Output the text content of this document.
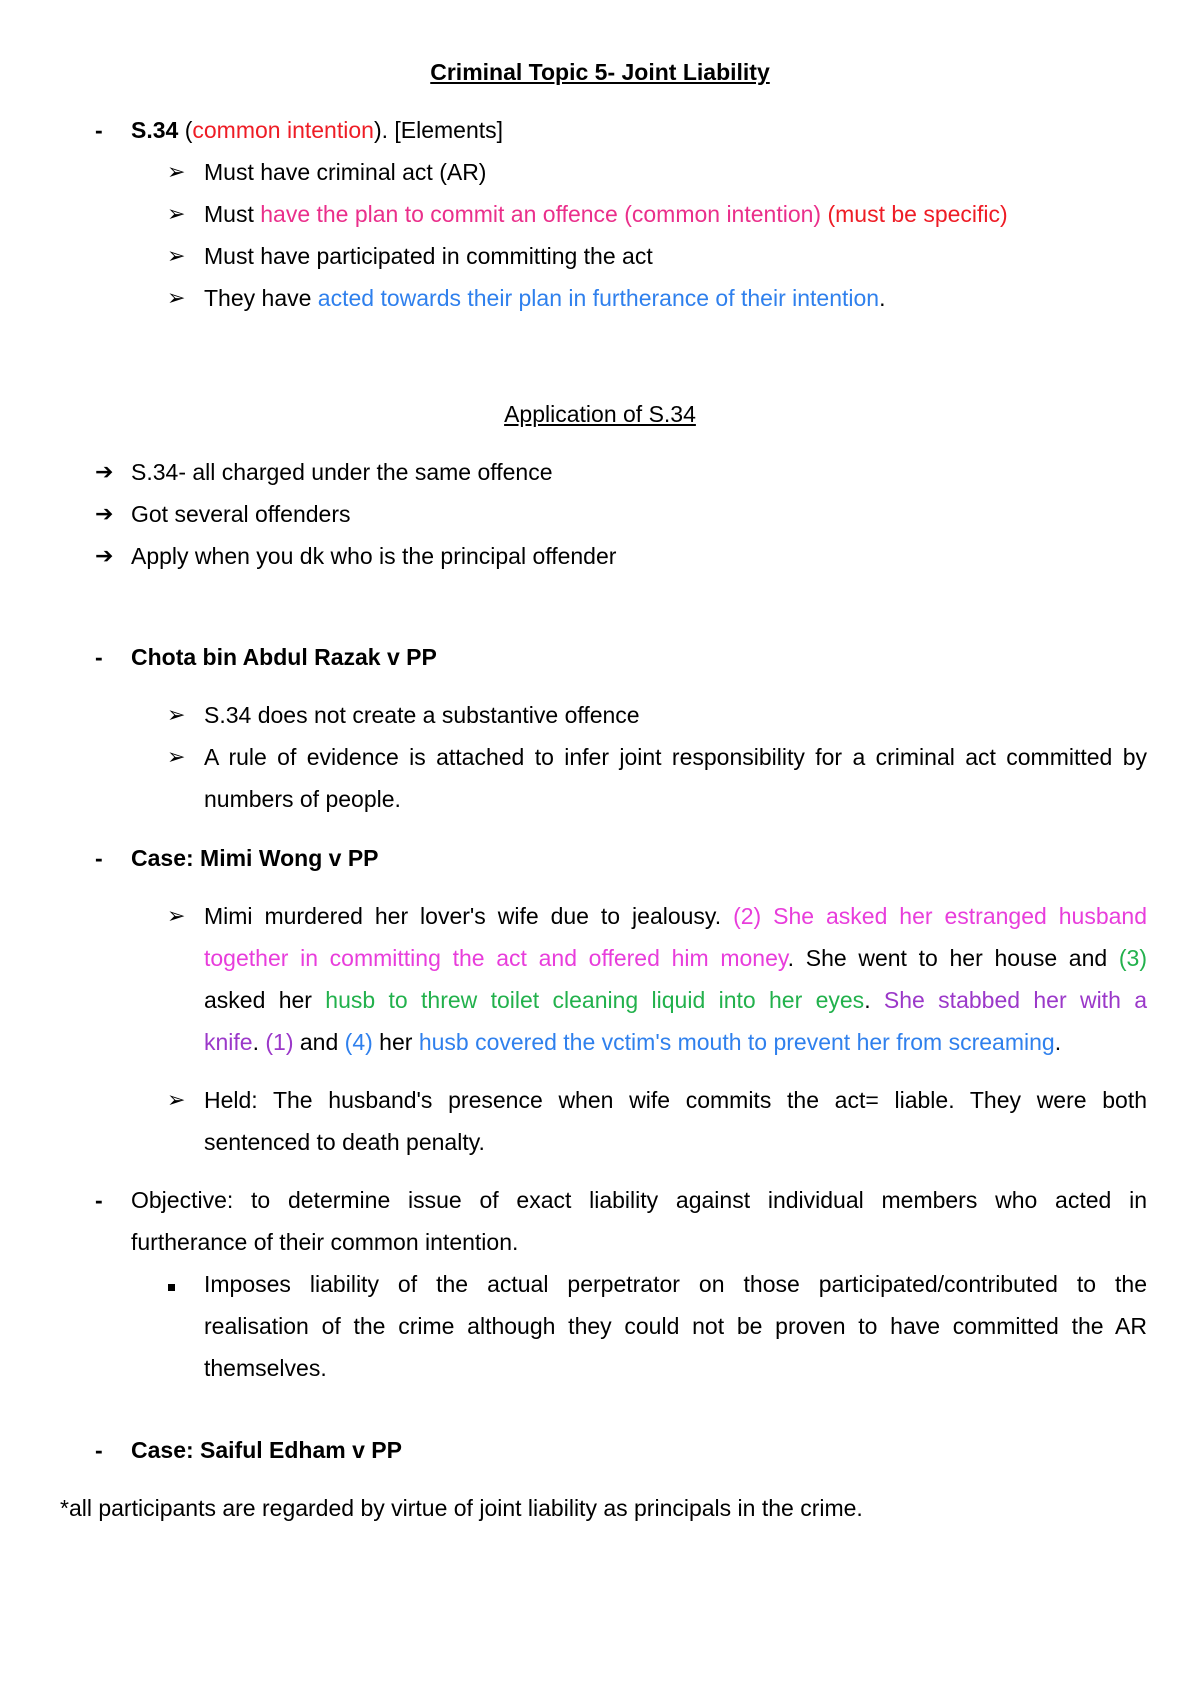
Criminal Topic 5- Joint Liability
- S.34 (common intention). [Elements]
➢ Must have criminal act (AR)
➢ Must have the plan to commit an offence (common intention) (must be specific)
➢ Must have participated in committing the act
➢ They have acted towards their plan in furtherance of their intention.
Application of S.34
➔ S.34- all charged under the same offence
➔ Got several offenders
➔ Apply when you dk who is the principal offender
- Chota bin Abdul Razak v PP
➢ S.34 does not create a substantive offence
➢ A rule of evidence is attached to infer joint responsibility for a criminal act committed by
numbers of people.
- Case: Mimi Wong v PP
➢ Mimi murdered her lover's wife due to jealousy. (2) She asked her estranged husband
together in committing the act and offered him money. She went to her house and (3)
asked her husb to threw toilet cleaning liquid into her eyes. She stabbed her with a
knife. (1) and (4) her husb covered the vctim's mouth to prevent her from screaming.
➢ Held: The husband's presence when wife commits the act= liable. They were both
sentenced to death penalty.
- Objective: to determine issue of exact liability against individual members who acted in
furtherance of their common intention.
Imposes liability of the actual perpetrator on those participated/contributed to the
realisation of the crime although they could not be proven to have committed the AR
themselves.
- Case: Saiful Edham v PP
*all participants are regarded by virtue of joint liability as principals in the crime.
